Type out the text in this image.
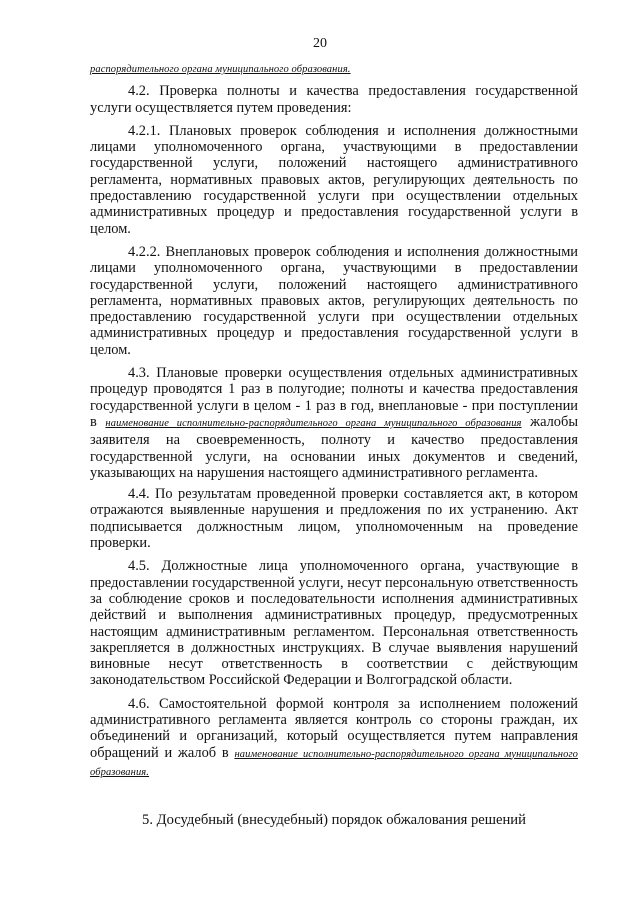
20

распорядительного органа муниципального образования.

4.2. Проверка полноты и качества предоставления государственной услуги осуществляется путем проведения:

4.2.1. Плановых проверок соблюдения и исполнения должностными лицами уполномоченного органа, участвующими в предоставлении государственной услуги, положений настоящего административного регламента, нормативных правовых актов, регулирующих деятельность по предоставлению государственной услуги при осуществлении отдельных административных процедур и предоставления государственной услуги в целом.

4.2.2. Внеплановых проверок соблюдения и исполнения должностными лицами уполномоченного органа, участвующими в предоставлении государственной услуги, положений настоящего административного регламента, нормативных правовых актов, регулирующих деятельность по предоставлению государственной услуги при осуществлении отдельных административных процедур и предоставления государственной услуги в целом.

4.3. Плановые проверки осуществления отдельных административных процедур проводятся 1 раз в полугодие; полноты и качества предоставления государственной услуги в целом - 1 раз в год, внеплановые - при поступлении в наименование исполнительно-распорядительного органа муниципального образования жалобы заявителя на своевременность, полноту и качество предоставления государственной услуги, на основании иных документов и сведений, указывающих на нарушения настоящего административного регламента.

4.4. По результатам проведенной проверки составляется акт, в котором отражаются выявленные нарушения и предложения по их устранению. Акт подписывается должностным лицом, уполномоченным на проведение проверки.

4.5. Должностные лица уполномоченного органа, участвующие в предоставлении государственной услуги, несут персональную ответственность за соблюдение сроков и последовательности исполнения административных действий и выполнения административных процедур, предусмотренных настоящим административным регламентом. Персональная ответственность закрепляется в должностных инструкциях. В случае выявления нарушений виновные несут ответственность в соответствии с действующим законодательством Российской Федерации и Волгоградской области.

4.6. Самостоятельной формой контроля за исполнением положений административного регламента является контроль со стороны граждан, их объединений и организаций, который осуществляется путем направления обращений и жалоб в наименование исполнительно-распорядительного органа муниципального образования.

5. Досудебный (внесудебный) порядок обжалования решений
